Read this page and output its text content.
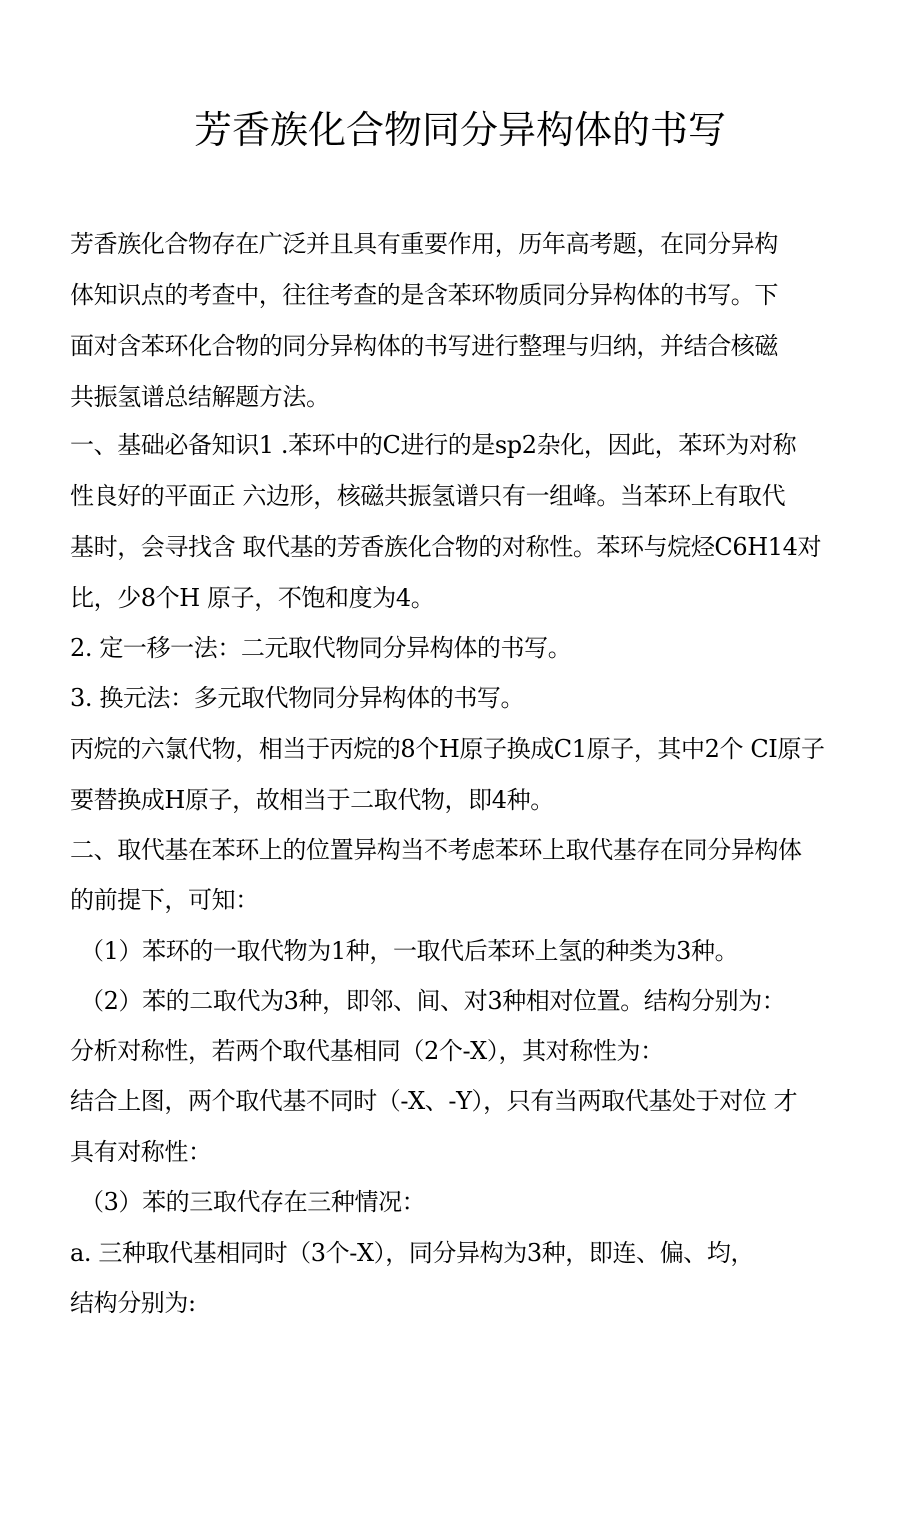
芳香族化合物同分异构体的书写
芳香族化合物存在广泛并且具有重要作用，历年高考题，在同分异构
体知识点的考查中，往往考查的是含苯环物质同分异构体的书写。下
面对含苯环化合物的同分异构体的书写进行整理与归纳，并结合核磁
共振氢谱总结解题方法。
一、基础必备知识1 .苯环中的C进行的是sp2杂化，因此，苯环为对称
性良好的平面正 六边形，核磁共振氢谱只有一组峰。当苯环上有取代
基时，会寻找含 取代基的芳香族化合物的对称性。苯环与烷烃C6H14对
比，少8个H 原子，不饱和度为4。
2. 定一移一法：二元取代物同分异构体的书写。
3. 换元法：多元取代物同分异构体的书写。
丙烷的六氯代物，相当于丙烷的8个H原子换成C1原子，其中2个 CI原子
要替换成H原子，故相当于二取代物，即4种。
二、取代基在苯环上的位置异构当不考虑苯环上取代基存在同分异构体
的前提下，可知：
（1）苯环的一取代物为1种，一取代后苯环上氢的种类为3种。
（2）苯的二取代为3种，即邻、间、对3种相对位置。结构分别为：
分析对称性，若两个取代基相同（2个-X），其对称性为：
结合上图，两个取代基不同时（-X、-Y），只有当两取代基处于对位 才
具有对称性：
（3）苯的三取代存在三种情况：
a. 三种取代基相同时（3个-X），同分异构为3种，即连、偏、均，
结构分别为:
